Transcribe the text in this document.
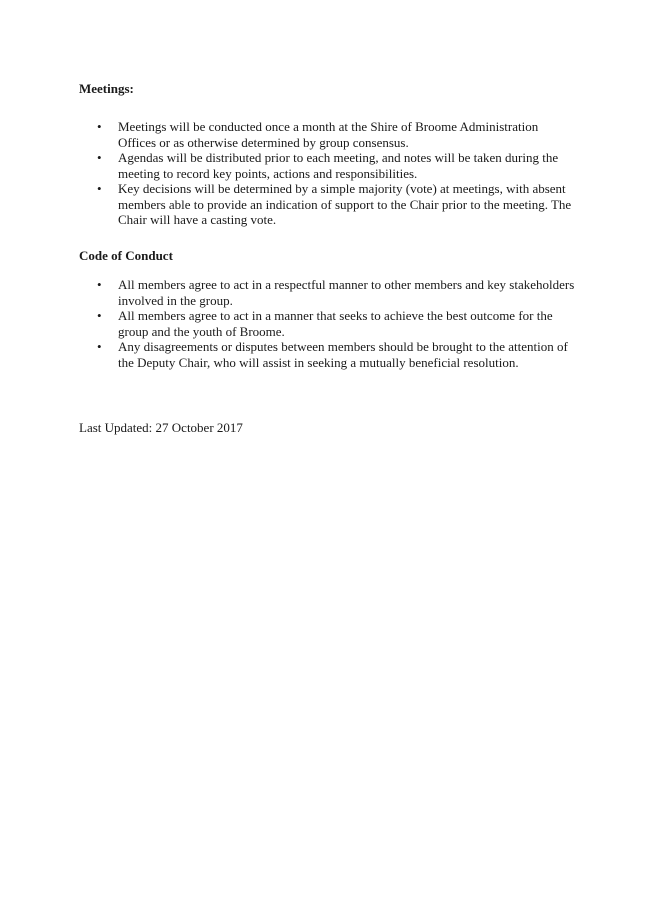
Meetings:
• Meetings will be conducted once a month at the Shire of Broome Administration Offices or as otherwise determined by group consensus.
• Agendas will be distributed prior to each meeting, and notes will be taken during the meeting to record key points, actions and responsibilities.
• Key decisions will be determined by a simple majority (vote) at meetings, with absent members able to provide an indication of support to the Chair prior to the meeting. The Chair will have a casting vote.
Code of Conduct
• All members agree to act in a respectful manner to other members and key stakeholders involved in the group.
• All members agree to act in a manner that seeks to achieve the best outcome for the group and the youth of Broome.
• Any disagreements or disputes between members should be brought to the attention of the Deputy Chair, who will assist in seeking a mutually beneficial resolution.

Last Updated: 27 October 2017
